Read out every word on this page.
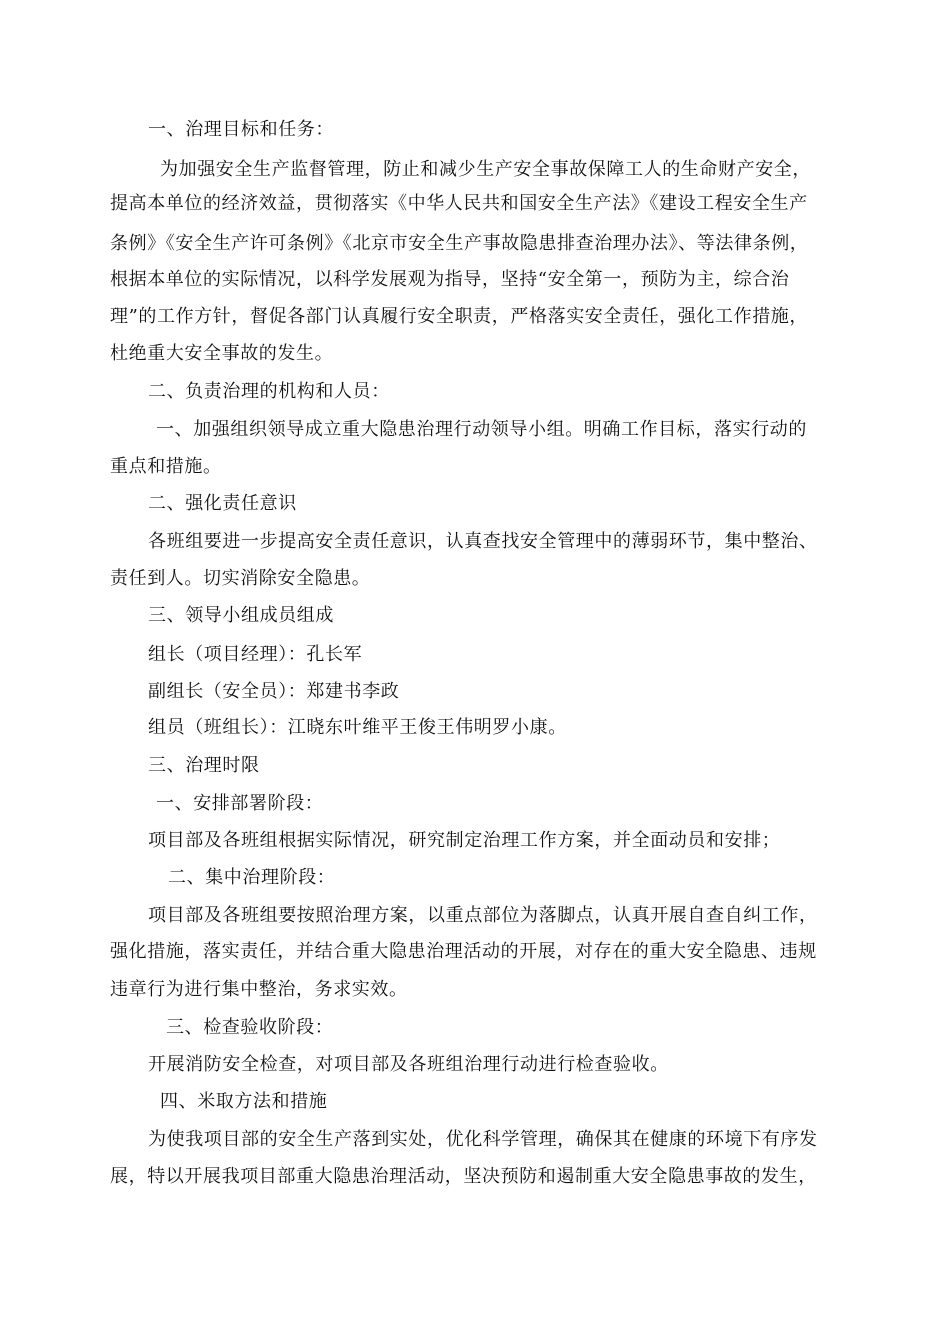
一、治理目标和任务：
为加强安全生产监督管理，防止和减少生产安全事故保障工人的生命财产安全，
提高本单位的经济效益，贯彻落实《中华人民共和国安全生产法》《建设工程安全生产
条例》《安全生产许可条例》《北京市安全生产事故隐患排查治理办法》、等法律条例，
根据本单位的实际情况，以科学发展观为指导，坚持“安全第一，预防为主，综合治
理”的工作方针，督促各部门认真履行安全职责，严格落实安全责任，强化工作措施，
杜绝重大安全事故的发生。
二、负责治理的机构和人员：
一、加强组织领导成立重大隐患治理行动领导小组。明确工作目标，落实行动的
重点和措施。
二、强化责任意识
各班组要进一步提高安全责任意识，认真查找安全管理中的薄弱环节，集中整治、
责任到人。切实消除安全隐患。
三、领导小组成员组成
组长（项目经理）：孔长军
副组长（安全员）：郑建书李政
组员（班组长）：江晓东叶维平王俊王伟明罗小康。
三、治理时限
一、安排部署阶段：
项目部及各班组根据实际情况，研究制定治理工作方案，并全面动员和安排；
二、集中治理阶段：
项目部及各班组要按照治理方案，以重点部位为落脚点，认真开展自查自纠工作，
强化措施，落实责任，并结合重大隐患治理活动的开展，对存在的重大安全隐患、违规
违章行为进行集中整治，务求实效。
三、检查验收阶段：
开展消防安全检查，对项目部及各班组治理行动进行检查验收。
四、米取方法和措施
为使我项目部的安全生产落到实处，优化科学管理，确保其在健康的环境下有序发
展，特以开展我项目部重大隐患治理活动，坚决预防和遏制重大安全隐患事故的发生，
